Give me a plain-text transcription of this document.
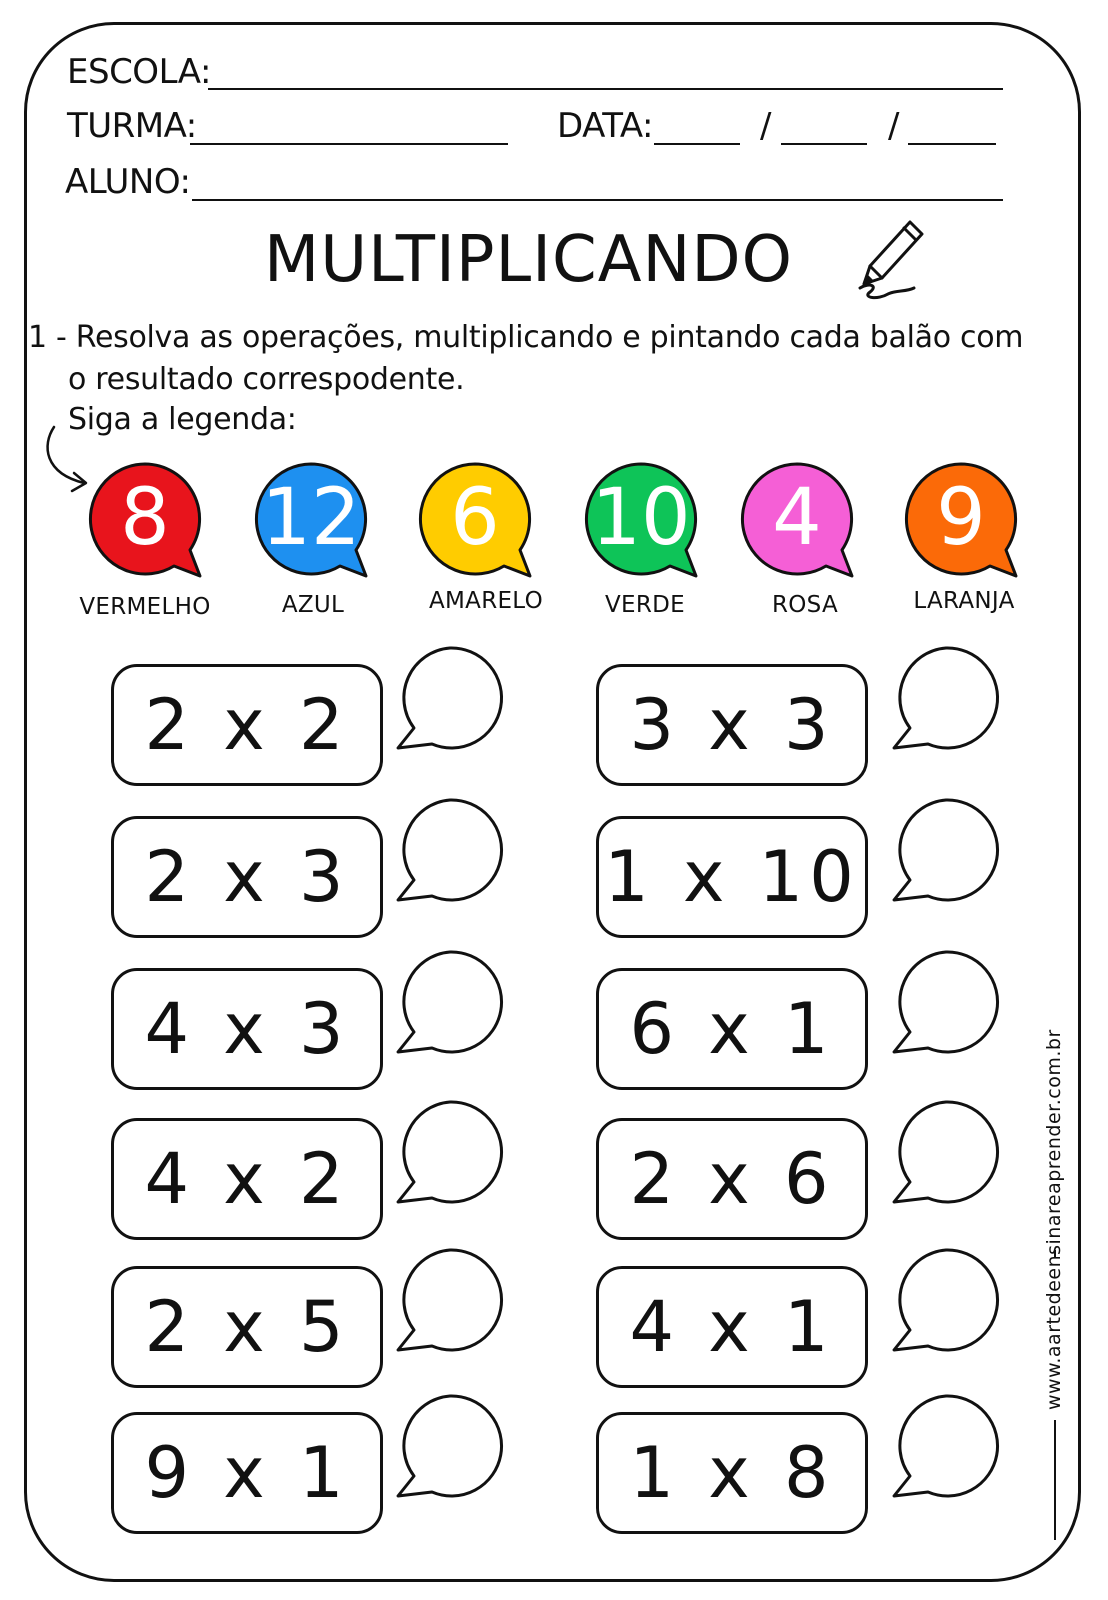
ESCOLA:
TURMA:	DATA:	/	/
ALUNO:
MULTIPLICANDO
1 - Resolva as operações, multiplicando e pintando cada balão com
o resultado correspodente.
Siga a legenda:
8
VERMELHO
12
AZUL
6
AMARELO
10
VERDE
4
ROSA
9
LARANJA
2 x 2
2 x 3
4 x 3
4 x 2
2 x 5
9 x 1
3 x 3
1 x 10
6 x 1
2 x 6
4 x 1
1 x 8
www.aartedeensinareaprender.com.br
